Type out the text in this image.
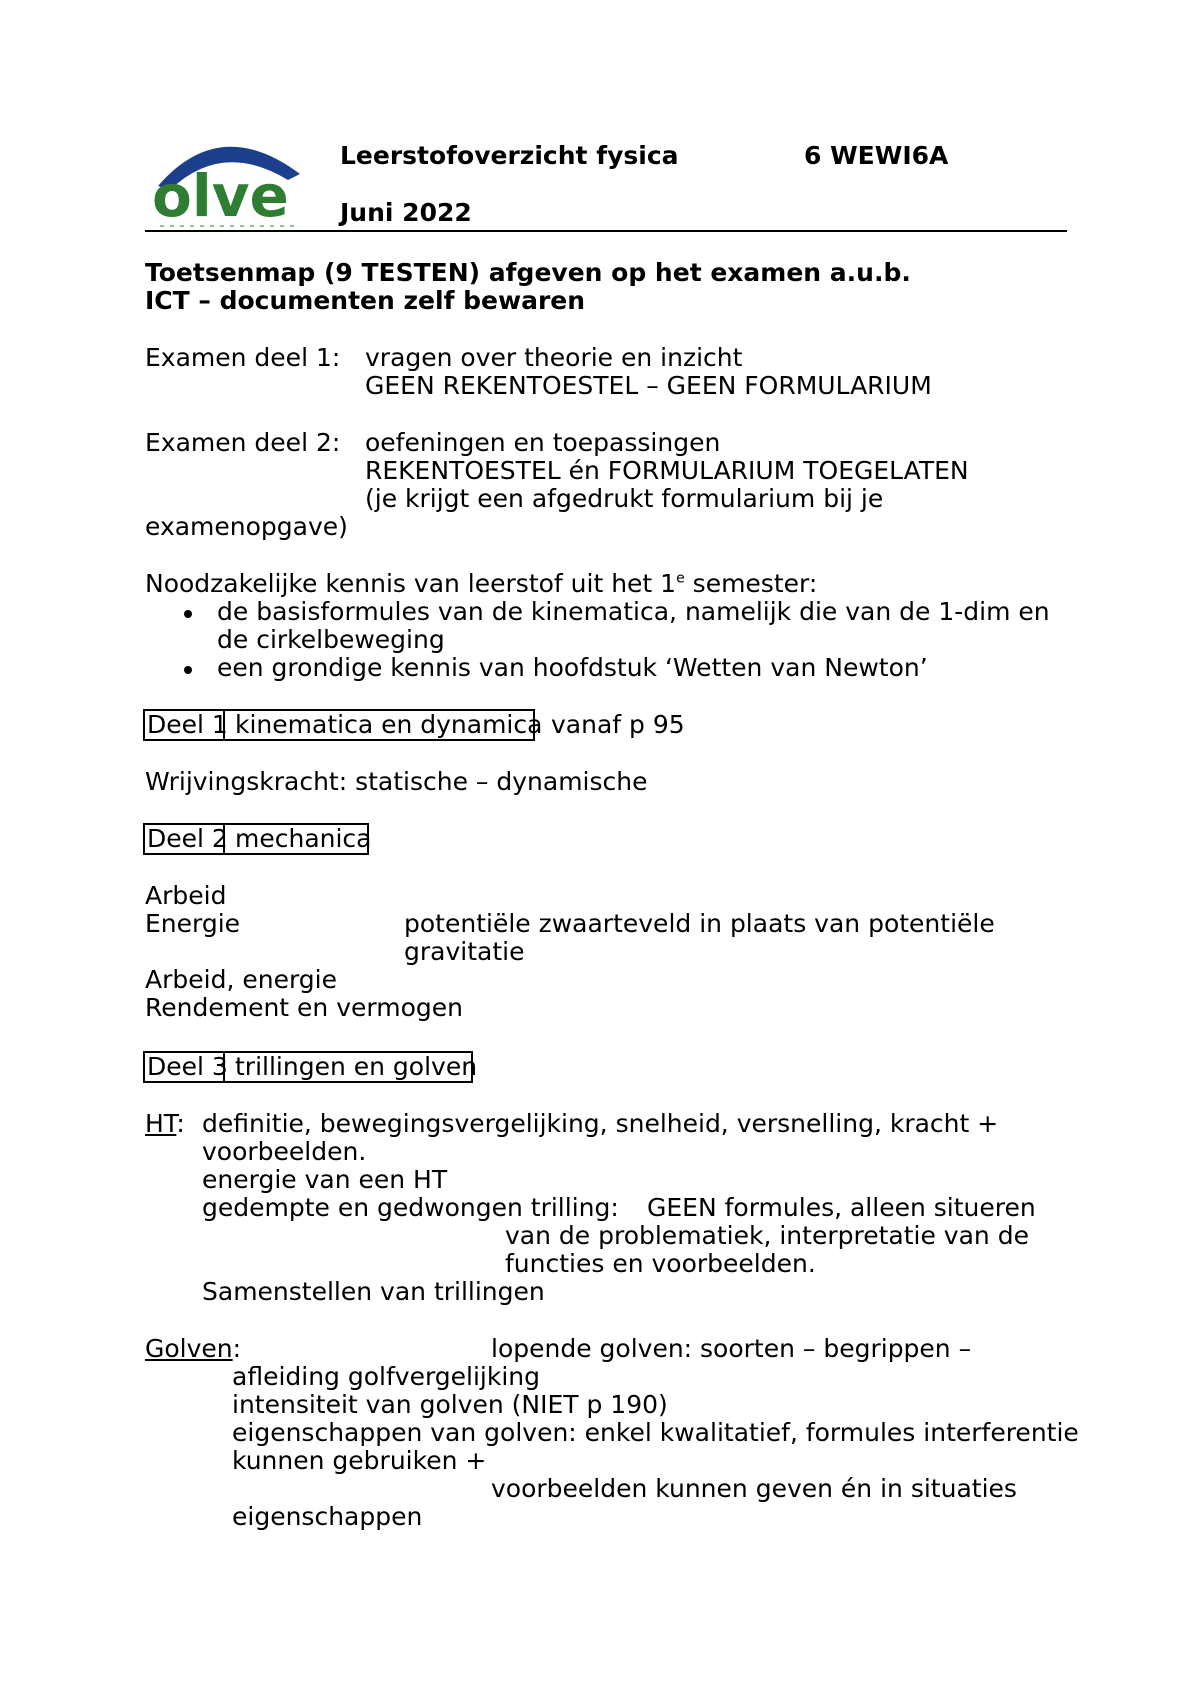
olve
Leerstofoverzicht fysica	6 WEWI6A
Juni 2022
Toetsenmap (9 TESTEN) afgeven op het examen a.u.b.
ICT – documenten zelf bewaren
Examen deel 1: vragen over theorie en inzicht
GEEN REKENTOESTEL – GEEN FORMULARIUM
Examen deel 2: oefeningen en toepassingen
REKENTOESTEL én FORMULARIUM TOEGELATEN
(je krijgt een afgedrukt formularium bij je
examenopgave)
Noodzakelijke kennis van leerstof uit het 1e semester:
de basisformules van de kinematica, namelijk die van de 1-dim en
de cirkelbeweging
een grondige kennis van hoofdstuk ‘Wetten van Newton’
Deel 1 kinematica en dynamica vanaf p 95
Wrijvingskracht: statische – dynamische
Deel 2 mechanica
Arbeid
Energie	potentiële zwaarteveld in plaats van potentiële
gravitatie
Arbeid, energie
Rendement en vermogen
Deel 3 trillingen en golven
HT: definitie, bewegingsvergelijking, snelheid, versnelling, kracht +
voorbeelden.
energie van een HT
gedempte en gedwongen trilling: GEEN formules, alleen situeren
van de problematiek, interpretatie van de
functies en voorbeelden.
Samenstellen van trillingen
Golven:	lopende golven: soorten – begrippen –
afleiding golfvergelijking
intensiteit van golven (NIET p 190)
eigenschappen van golven: enkel kwalitatief, formules interferentie
kunnen gebruiken +
voorbeelden kunnen geven én in situaties
eigenschappen
